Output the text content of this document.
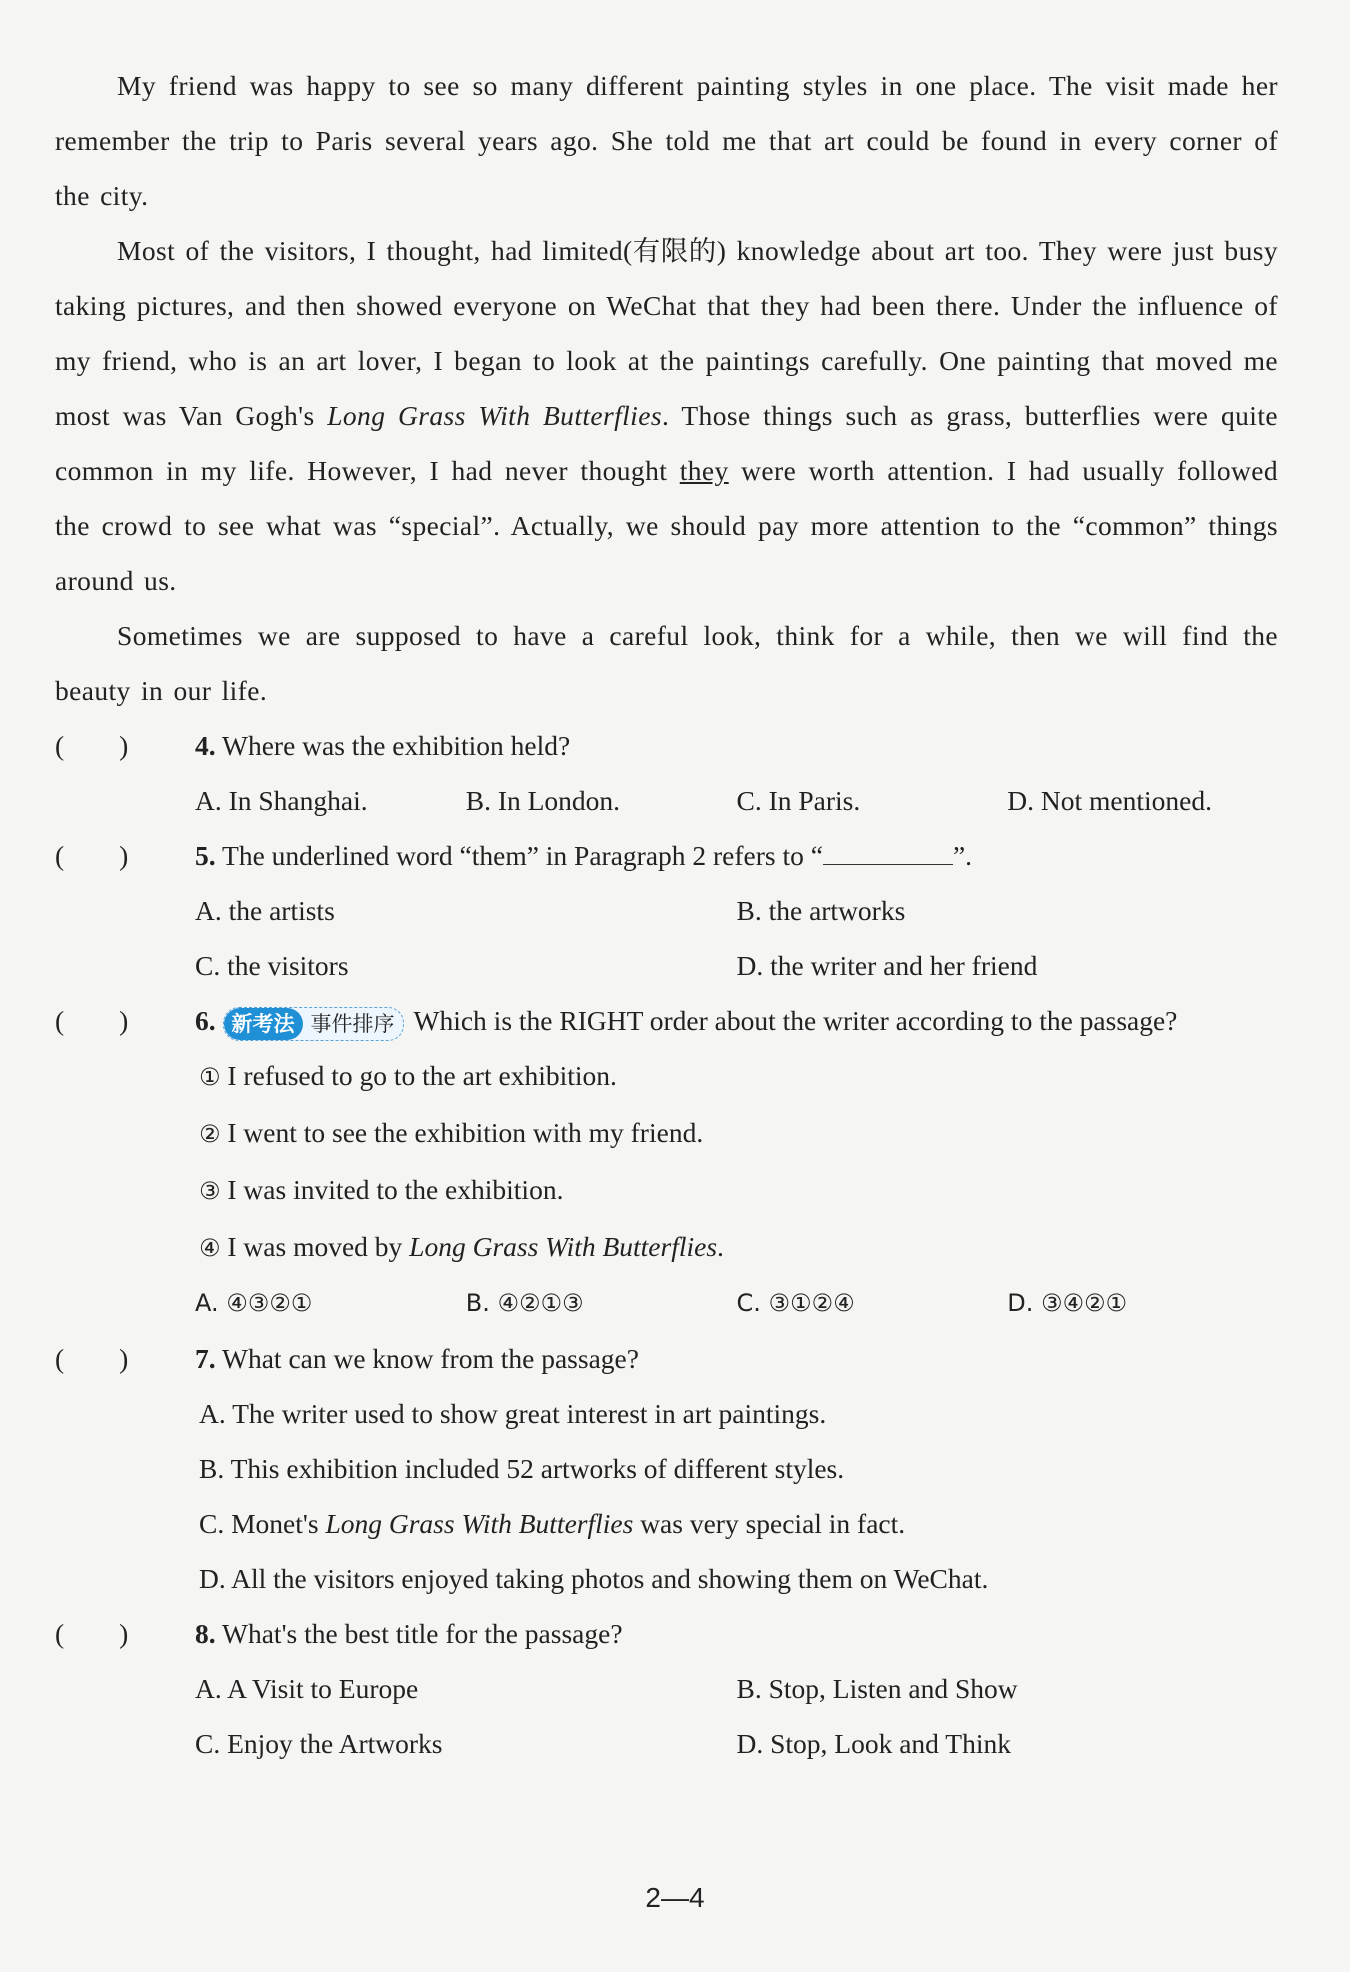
My friend was happy to see so many different painting styles in one place. The visit made her remember the trip to Paris several years ago. She told me that art could be found in every corner of the city.

Most of the visitors, I thought, had limited(有限的) knowledge about art too. They were just busy taking pictures, and then showed everyone on WeChat that they had been there. Under the influence of my friend, who is an art lover, I began to look at the paintings carefully. One painting that moved me most was Van Gogh's Long Grass With Butterflies. Those things such as grass, butterflies were quite common in my life. However, I had never thought they were worth attention. I had usually followed the crowd to see what was “special”. Actually, we should pay more attention to the “common” things around us.

Sometimes we are supposed to have a careful look, think for a while, then we will find the beauty in our life.

(        )	4. Where was the exhibition held?
A. In Shanghai.	B. In London.	C. In Paris.	D. Not mentioned.
(        )	5. The underlined word “them” in Paragraph 2 refers to “	”.
A. the artists	B. the artworks
C. the visitors	D. the writer and her friend
(        )	6. 新考法 事件排序 Which is the RIGHT order about the writer according to the passage?
① I refused to go to the art exhibition.
② I went to see the exhibition with my friend.
③ I was invited to the exhibition.
④ I was moved by Long Grass With Butterflies.
A. ④③②①	B. ④②①③	C. ③①②④	D. ③④②①
(        )	7. What can we know from the passage?
A. The writer used to show great interest in art paintings.
B. This exhibition included 52 artworks of different styles.
C. Monet's Long Grass With Butterflies was very special in fact.
D. All the visitors enjoyed taking photos and showing them on WeChat.
(        )	8. What's the best title for the passage?
A. A Visit to Europe	B. Stop, Listen and Show
C. Enjoy the Artworks	D. Stop, Look and Think
2—4
